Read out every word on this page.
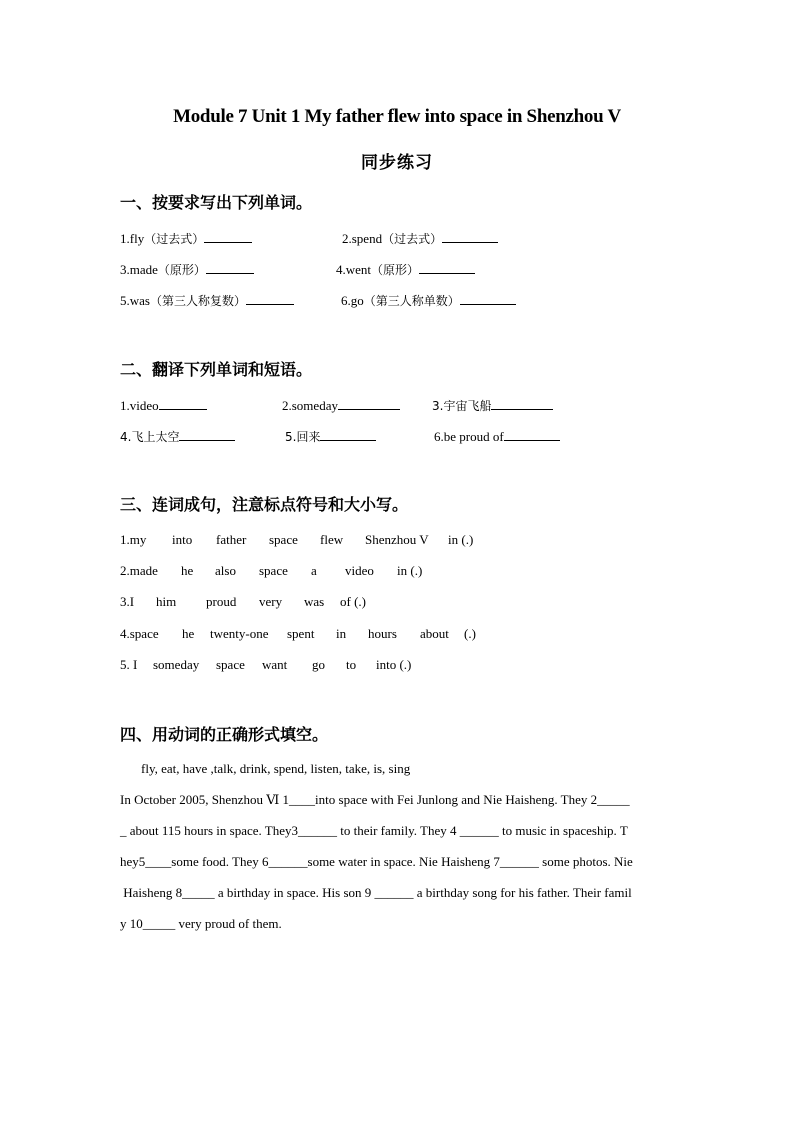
Module 7 Unit 1 My father flew into space in Shenzhou V
同步练习
一、按要求写出下列单词。
1.fly（过去式）	2.spend（过去式）
3.made（原形）	4.went（原形）
5.was（第三人称复数）	6.go（第三人称单数）
二、翻译下列单词和短语。
1.video	2.someday	3.宇宙飞船
4.飞上太空	5.回来	6.be proud of
三、连词成句，注意标点符号和大小写。
1.my into father space flew Shenzhou V in (.)
2.made he also space a video in (.)
3.I him proud very was of (.)
4.space he twenty-one spent in hours about (.)
5. I someday space want go to into (.)
四、用动词的正确形式填空。
fly, eat, have ,talk, drink, spend, listen, take, is, sing
In October 2005, Shenzhou Ⅵ 1____into space with Fei Junlong and Nie Haisheng. They 2_____
_ about 115 hours in space. They3______ to their family. They 4 ______ to music in spaceship. T
hey5____some food. They 6______some water in space. Nie Haisheng 7______ some photos. Nie
Haisheng 8_____ a birthday in space. His son 9 ______ a birthday song for his father. Their famil
y 10_____ very proud of them.
